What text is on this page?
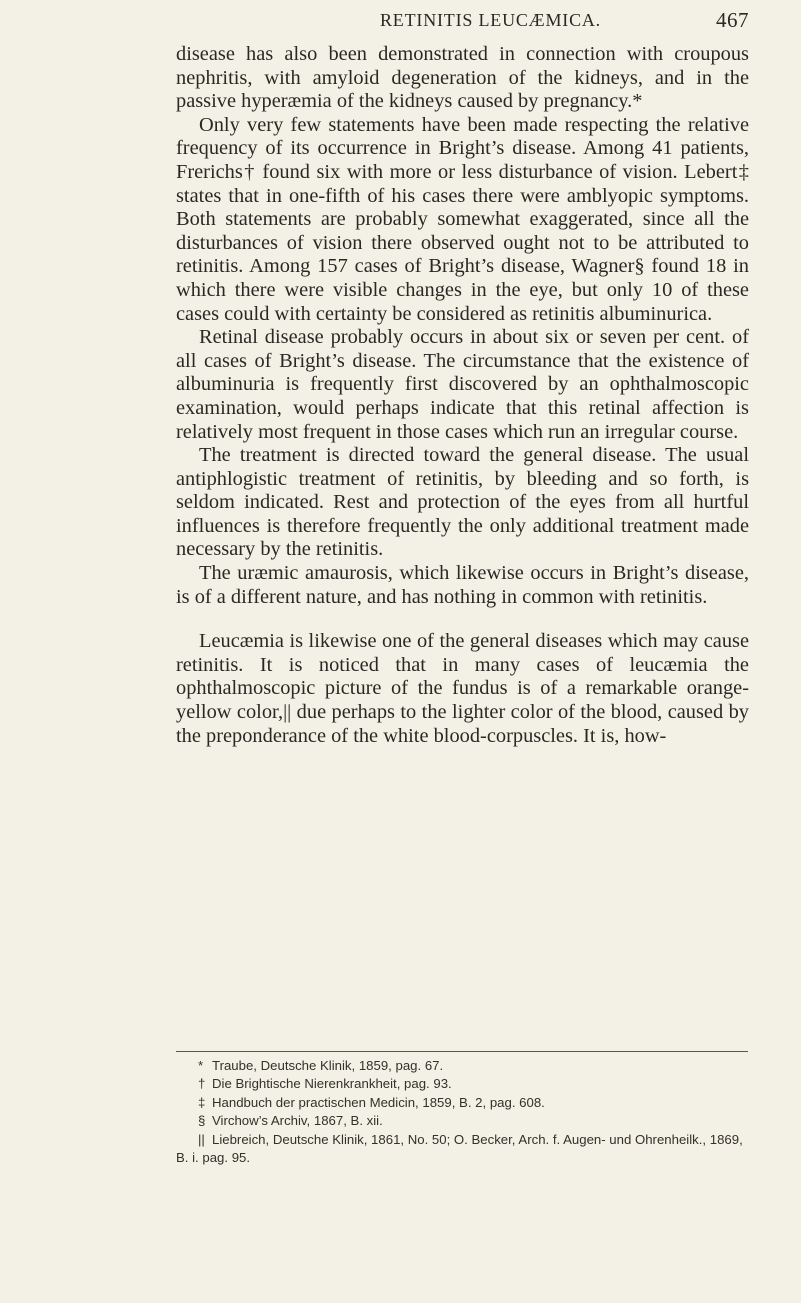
RETINITIS LEUCÆMICA.	467

disease has also been demonstrated in connection with croupous nephritis, with amyloid degeneration of the kidneys, and in the passive hyperæmia of the kidneys caused by pregnancy.*

Only very few statements have been made respecting the relative frequency of its occurrence in Bright’s disease. Among 41 patients, Frerichs† found six with more or less disturbance of vision. Lebert‡ states that in one-fifth of his cases there were amblyopic symptoms. Both statements are probably somewhat exaggerated, since all the disturbances of vision there observed ought not to be attributed to retinitis. Among 157 cases of Bright’s disease, Wagner§ found 18 in which there were visible changes in the eye, but only 10 of these cases could with certainty be considered as retinitis albuminurica.

Retinal disease probably occurs in about six or seven per cent. of all cases of Bright’s disease. The circumstance that the existence of albuminuria is frequently first discovered by an ophthalmoscopic examination, would perhaps indicate that this retinal affection is relatively most frequent in those cases which run an irregular course.

The treatment is directed toward the general disease. The usual antiphlogistic treatment of retinitis, by bleeding and so forth, is seldom indicated. Rest and protection of the eyes from all hurtful influences is therefore frequently the only additional treatment made necessary by the retinitis.

The uræmic amaurosis, which likewise occurs in Bright’s disease, is of a different nature, and has nothing in common with retinitis.

Leucæmia is likewise one of the general diseases which may cause retinitis. It is noticed that in many cases of leucæmia the ophthalmoscopic picture of the fundus is of a remarkable orange-yellow color,|| due perhaps to the lighter color of the blood, caused by the preponderance of the white blood-corpuscles. It is, how-

* Traube, Deutsche Klinik, 1859, pag. 67.

† Die Brightische Nierenkrankheit, pag. 93.

‡ Handbuch der practischen Medicin, 1859, B. 2, pag. 608.

§ Virchow’s Archiv, 1867, B. xii.

|| Liebreich, Deutsche Klinik, 1861, No. 50; O. Becker, Arch. f. Augen- und Ohrenheilk., 1869, B. i. pag. 95.
